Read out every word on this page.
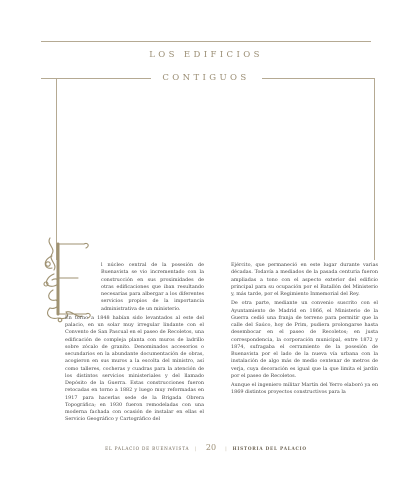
LOS EDIFICIOS
CONTIGUOS

l núcleo central de la posesión de Buenavista se vio incrementado con la construcción en sus proximidades de otras edificaciones que iban resultando necesarias para albergar a los diferentes servicios propios de la importancia administrativa de un ministerio.

En torno a 1848 habían sido levantados al este del palacio, en un solar muy irregular lindante con el Convento de San Pascual en el paseo de Recoletos, una edificación de compleja planta con muros de ladrillo sobre zócalo de granito. Denominados accesorios o secundarios en la abundante documentación de obras, acogieron en sus muros a la escolta del ministro, así como talleres, cocheras y cuadras para la atención de los distintos servicios ministeriales y del llamado Depósito de la Guerra. Estas construcciones fueron retocadas en torno a 1882 y luego muy reformadas en 1917 para hacerlas sede de la Brigada Obrera Topográfica; en 1930 fueron remodeladas con una moderna fachada con ocasión de instalar en ellas el Servicio Geográfico y Cartográfico del

Ejército, que permaneció en este lugar durante varias décadas. Todavía a mediados de la pasada centuria fueron ampliadas a tono con el aspecto exterior del edificio principal para su ocupación por el Batallón del Ministerio y, más tarde, por el Regimiento Inmemorial del Rey.

De otra parte, mediante un convenio suscrito con el Ayuntamiento de Madrid en 1866, el Ministerio de la Guerra cedió una franja de terreno para permitir que la calle del Saúco, hoy de Prim, pudiera prolongarse hasta desembocar en el paseo de Recoletos; en justa correspondencia, la corporación municipal, entre 1872 y 1874, sufragaba el cerramiento de la posesión de Buenavista por el lado de la nueva vía urbana con la instalación de algo más de medio centenar de metros de verja, cuya decoración es igual que la que limita el jardín por el paseo de Recoletos.

Aunque el ingeniero militar Martín del Yerro elaboró ya en 1869 distintos proyectos constructivos para la

EL PALACIO DE BUENAVISTA | 20 | HISTORIA DEL PALACIO
